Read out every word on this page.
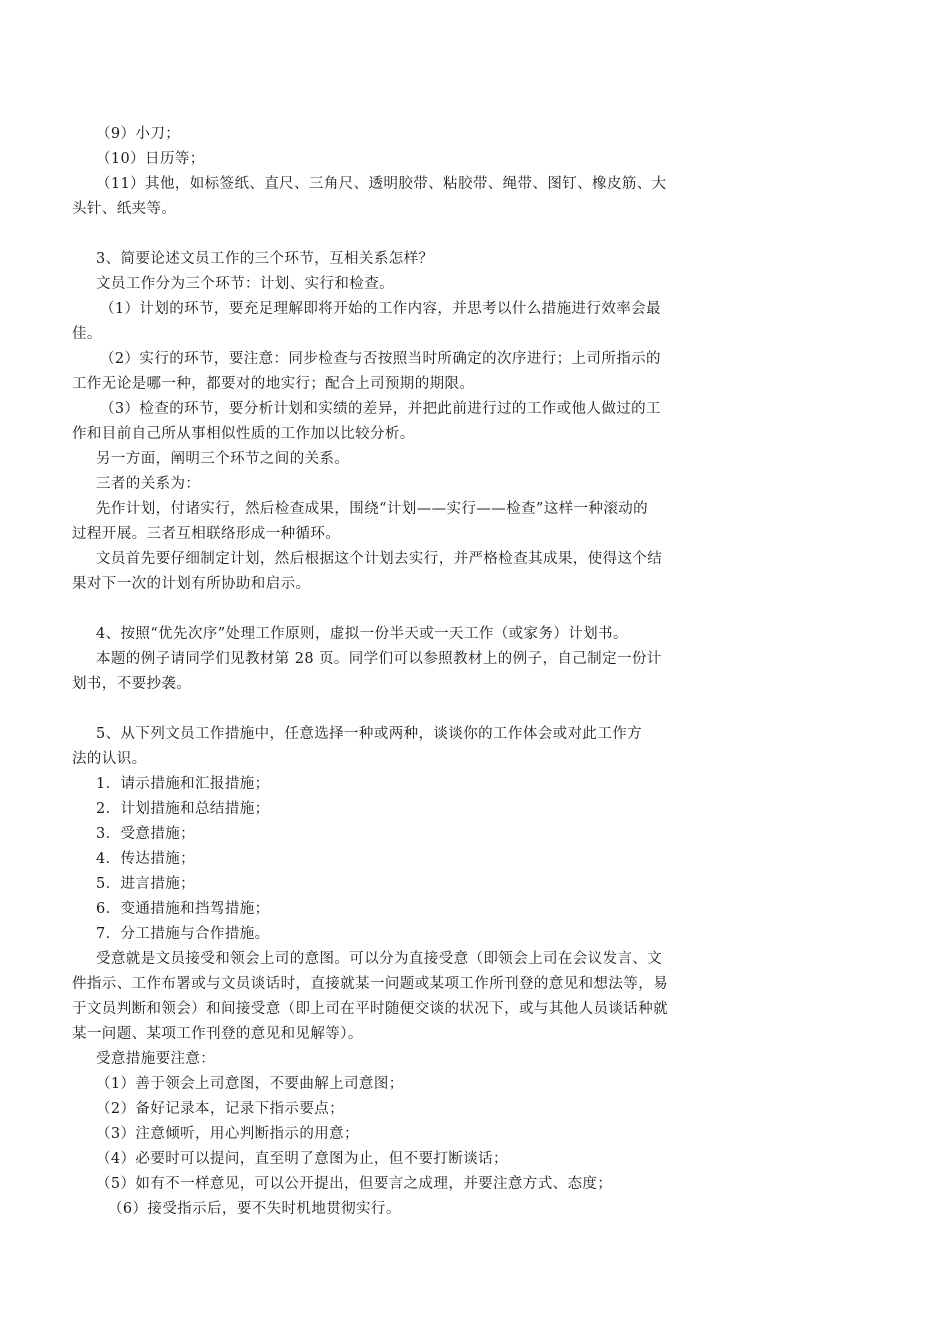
（9）小刀；
（10）日历等；
（11）其他，如标签纸、直尺、三角尺、透明胶带、粘胶带、绳带、图钉、橡皮筋、大
头针、纸夹等。
3、简要论述文员工作的三个环节，互相关系怎样？
文员工作分为三个环节：计划、实行和检查。
（1）计划的环节，要充足理解即将开始的工作内容，并思考以什么措施进行效率会最
佳。
（2）实行的环节，要注意：同步检查与否按照当时所确定的次序进行；上司所指示的
工作无论是哪一种，都要对的地实行；配合上司预期的期限。
（3）检查的环节，要分析计划和实绩的差异，并把此前进行过的工作或他人做过的工
作和目前自己所从事相似性质的工作加以比较分析。
另一方面，阐明三个环节之间的关系。
三者的关系为：
先作计划，付诸实行，然后检查成果，围绕“计划——实行——检查”这样一种滚动的
过程开展。三者互相联络形成一种循环。
文员首先要仔细制定计划，然后根据这个计划去实行，并严格检查其成果，使得这个结
果对下一次的计划有所协助和启示。
4、按照“优先次序”处理工作原则，虚拟一份半天或一天工作（或家务）计划书。
本题的例子请同学们见教材第 28 页。同学们可以参照教材上的例子，自己制定一份计
划书，不要抄袭。
5、从下列文员工作措施中，任意选择一种或两种，谈谈你的工作体会或对此工作方
法的认识。
1．请示措施和汇报措施；
2．计划措施和总结措施；
3．受意措施；
4．传达措施；
5．进言措施；
6．变通措施和挡驾措施；
7．分工措施与合作措施。
受意就是文员接受和领会上司的意图。可以分为直接受意（即领会上司在会议发言、文
件指示、工作布署或与文员谈话时，直接就某一问题或某项工作所刊登的意见和想法等，易
于文员判断和领会）和间接受意（即上司在平时随便交谈的状况下，或与其他人员谈话种就
某一问题、某项工作刊登的意见和见解等）。
受意措施要注意：
（1）善于领会上司意图，不要曲解上司意图；
（2）备好记录本，记录下指示要点；
（3）注意倾听，用心判断指示的用意；
（4）必要时可以提问，直至明了意图为止，但不要打断谈话；
（5）如有不一样意见，可以公开提出，但要言之成理，并要注意方式、态度；
（6）接受指示后，要不失时机地贯彻实行。
